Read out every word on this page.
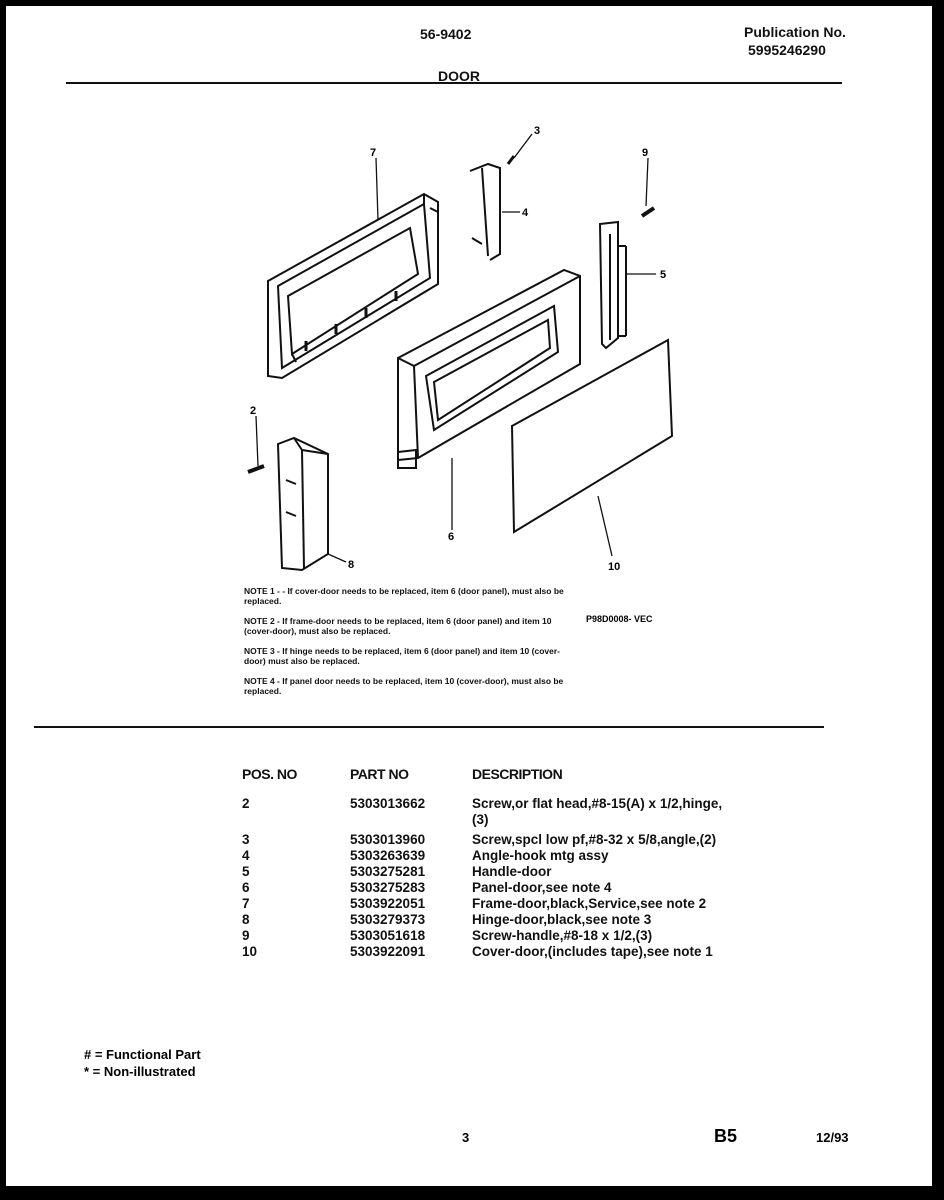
56-9402	Publication No.
5995246290
DOOR
7
3
4
9
5
2
8
6
10

NOTE 1 - - If cover-door needs to be replaced, item 6 (door panel), must also be replaced.

NOTE 2 - If frame-door needs to be replaced, item 6 (door panel) and item 10 (cover-door), must also be replaced.

NOTE 3 - If hinge needs to be replaced, item 6 (door panel) and item 10 (cover-door) must also be replaced.

NOTE 4 - If panel door needs to be replaced, item 10 (cover-door), must also be replaced.

P98D0008- VEC
POS. NO	PART NO	DESCRIPTION
2	5303013662	Screw,or flat head,#8-15(A) x 1/2,hinge, (3)
3	5303013960	Screw,spcl low pf,#8-32 x 5/8,angle,(2)
4	5303263639	Angle-hook mtg assy
5	5303275281	Handle-door
6	5303275283	Panel-door,see note 4
7	5303922051	Frame-door,black,Service,see note 2
8	5303279373	Hinge-door,black,see note 3
9	5303051618	Screw-handle,#8-18 x 1/2,(3)
10	5303922091	Cover-door,(includes tape),see note 1
# = Functional Part
* = Non-illustrated
3	B5	12/93
